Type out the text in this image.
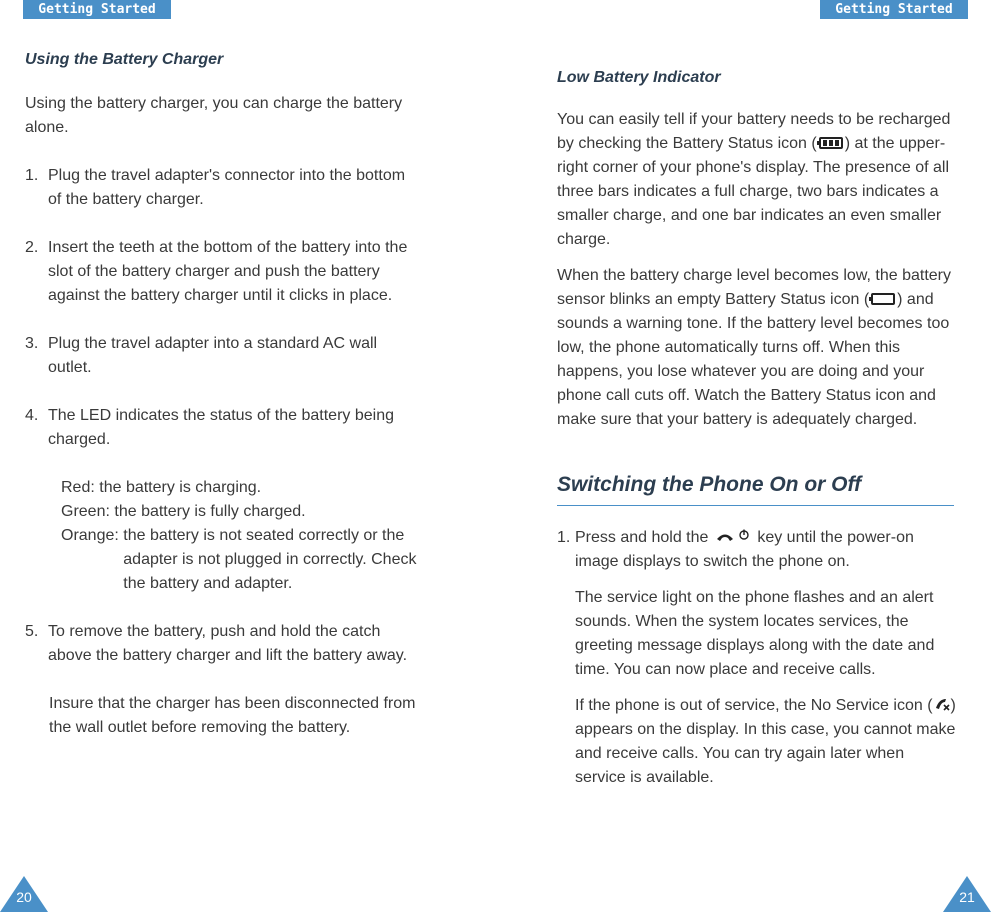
Getting Started	Getting Started
Using the Battery Charger

Using the battery charger, you can charge the battery alone.

1. Plug the travel adapter's connector into the bottom of the battery charger.
2. Insert the teeth at the bottom of the battery into the slot of the battery charger and push the battery against the battery charger until it clicks in place.
3. Plug the travel adapter into a standard AC wall outlet.
4. The LED indicates the status of the battery being charged.
Red:
the battery is charging.
Green:
the battery is fully charged.
Orange:
the battery is not seated correctly or the adapter is not plugged in correctly. Check the battery and adapter.
5. To remove the battery, push and hold the catch above the battery charger and lift the battery away.

Insure that the charger has been disconnected from the wall outlet before removing the battery.

Low Battery Indicator

You can easily tell if your battery needs to be recharged by checking the Battery Status icon ( ) at the upper-right corner of your phone's display. The presence of all three bars indicates a full charge, two bars indicates a smaller charge, and one bar indicates an even smaller charge.

When the battery charge level becomes low, the battery sensor blinks an empty Battery Status icon ( ) and sounds a warning tone. If the battery level becomes too low, the phone automatically turns off. When this happens, you lose whatever you are doing and your phone call cuts off. Watch the Battery Status icon and make sure that your battery is adequately charged.

Switching the Phone On or Off
1. Press and hold the	key until the power-on image displays to switch the phone on.

The service light on the phone flashes and an alert sounds. When the system locates services, the greeting message displays along with the date and time. You can now place and receive calls.

If the phone is out of service, the No Service icon ( ) appears on the display. In this case, you cannot make and receive calls. You can try again later when service is available.

20	21
